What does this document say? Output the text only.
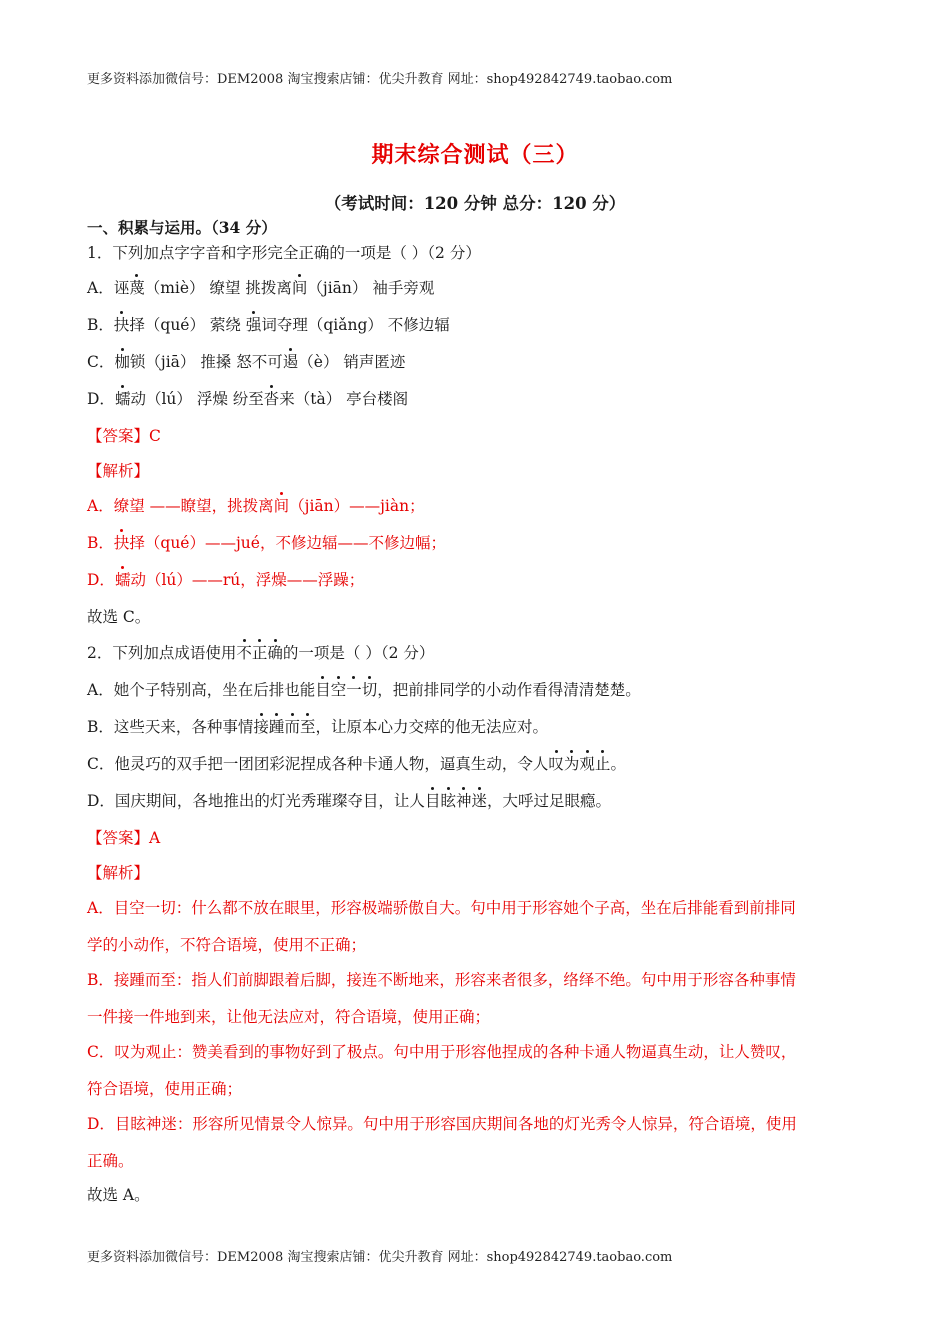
更多资料添加微信号：DEM2008 淘宝搜索店铺：优尖升教育 网址：shop492842749.taobao.com
期末综合测试（三）
（考试时间：120 分钟 总分：120 分）
一、积累与运用。（34 分）
1．下列加点字字音和字形完全正确的一项是（ ）（2 分）
A．诬蔑（miè） 缭望 挑拨离间（jiān） 袖手旁观
B．抉择（qué） 萦绕 强词夺理（qiǎng） 不修边辐
C．枷锁（jiā） 推搡 怒不可遏（è） 销声匿迹
D．蠕动（lú） 浮燥 纷至沓来（tà） 亭台楼阁
【答案】C
【解析】
A．缭望 ——瞭望，挑拨离间（jiān）——jiàn；
B．抉择（qué）——jué，不修边辐——不修边幅；
D．蠕动（lú）——rú，浮燥——浮躁；
故选 C。
2．下列加点成语使用不正确的一项是（ ）（2 分）
A．她个子特别高，坐在后排也能目空一切，把前排同学的小动作看得清清楚楚。
B．这些天来，各种事情接踵而至，让原本心力交瘁的他无法应对。
C．他灵巧的双手把一团团彩泥捏成各种卡通人物，逼真生动，令人叹为观止。
D．国庆期间，各地推出的灯光秀璀璨夺目，让人目眩神迷，大呼过足眼瘾。
【答案】A
【解析】
A．目空一切：什么都不放在眼里，形容极端骄傲自大。句中用于形容她个子高，坐在后排能看到前排同
学的小动作，不符合语境，使用不正确；
B．接踵而至：指人们前脚跟着后脚，接连不断地来，形容来者很多，络绎不绝。句中用于形容各种事情
一件接一件地到来，让他无法应对，符合语境，使用正确；
C．叹为观止：赞美看到的事物好到了极点。句中用于形容他捏成的各种卡通人物逼真生动，让人赞叹，
符合语境，使用正确；
D．目眩神迷：形容所见情景令人惊异。句中用于形容国庆期间各地的灯光秀令人惊异，符合语境，使用
正确。
故选 A。
更多资料添加微信号：DEM2008 淘宝搜索店铺：优尖升教育 网址：shop492842749.taobao.com
